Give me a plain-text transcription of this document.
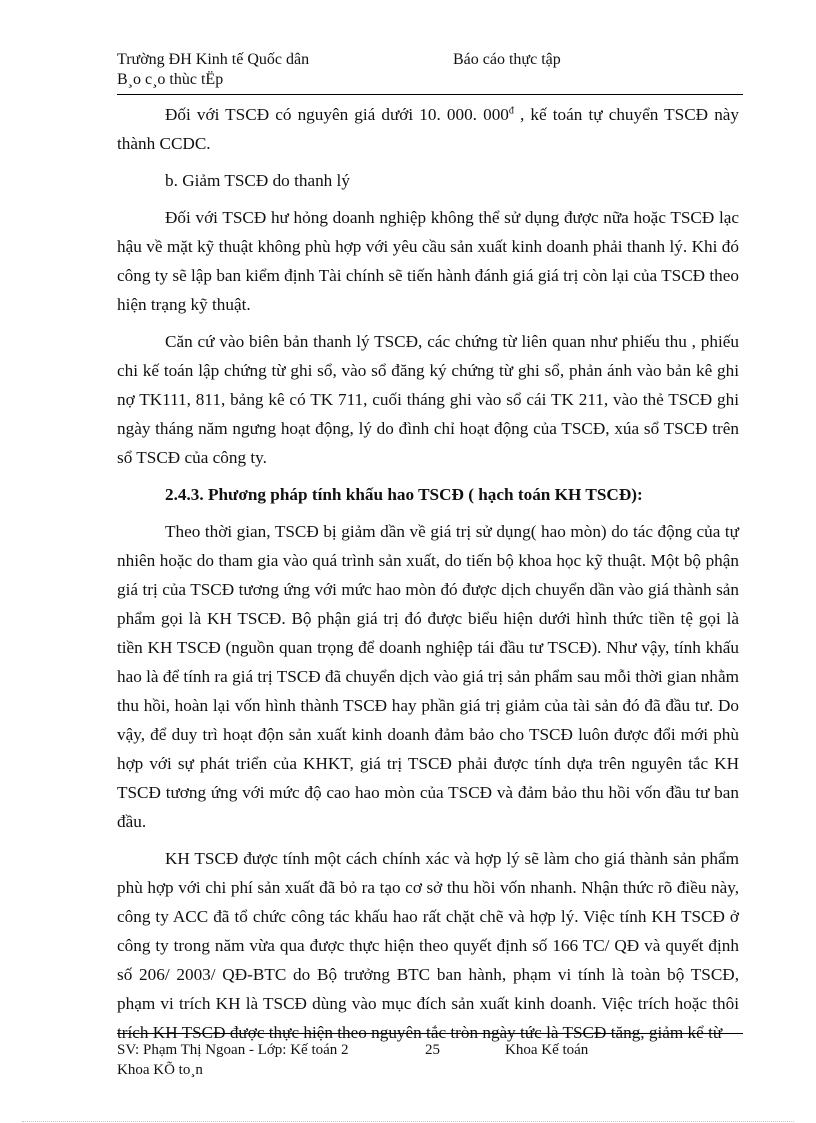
Trường ĐH Kinh tế Quốc dân	Báo cáo thực tập
B¸o c¸o thùc tËp

Đối với TSCĐ có nguyên giá dưới 10. 000. $000^đ$ , kế toán tự chuyển TSCĐ này thành CCDC.

b. Giảm TSCĐ do thanh lý

Đối với TSCĐ hư hỏng doanh nghiệp không thể sử dụng được nữa hoặc TSCĐ lạc hậu về mặt kỹ thuật không phù hợp với yêu cầu sản xuất kinh doanh phải thanh lý. Khi đó công ty sẽ lập ban kiểm định Tài chính sẽ tiến hành đánh giá giá trị còn lại của TSCĐ theo hiện trạng kỹ thuật.

Căn cứ vào biên bản thanh lý TSCĐ, các chứng từ liên quan như phiếu thu , phiếu chi kế toán lập chứng từ ghi sổ, vào sổ đăng ký chứng từ ghi sổ, phản ánh vào bản kê ghi nợ TK111, 811, bảng kê có TK 711, cuối tháng ghi vào sổ cái TK 211, vào thẻ TSCĐ ghi ngày tháng năm ngưng hoạt động, lý do đình chỉ hoạt động của TSCĐ, xúa sổ TSCĐ trên sổ TSCĐ của công ty.

2.4.3. Phương pháp tính khấu hao TSCĐ ( hạch toán KH TSCĐ):

Theo thời gian, TSCĐ bị giảm dần về giá trị sử dụng( hao mòn) do tác động của tự nhiên hoặc do tham gia vào quá trình sản xuất, do tiến bộ khoa học kỹ thuật. Một bộ phận giá trị của TSCĐ tương ứng với mức hao mòn đó được dịch chuyển dần vào giá thành sản phẩm gọi là KH TSCĐ. Bộ phận giá trị đó được biểu hiện dưới hình thức tiền tệ gọi là tiền KH TSCĐ (nguồn quan trọng để doanh nghiệp tái đầu tư TSCĐ). Như vậy, tính khấu hao là để tính ra giá trị TSCĐ đã chuyển dịch vào giá trị sản phẩm sau mỗi thời gian nhằm thu hồi, hoàn lại vốn hình thành TSCĐ hay phần giá trị giảm của tài sản đó đã đầu tư. Do vậy, để duy trì hoạt độn sản xuất kinh doanh đảm bảo cho TSCĐ luôn được đổi mới phù hợp với sự phát triển của KHKT, giá trị TSCĐ phải được tính dựa trên nguyên tắc KH TSCĐ tương ứng với mức độ cao hao mòn của TSCĐ và đảm bảo thu hồi vốn đầu tư ban đầu.

KH TSCĐ được tính một cách chính xác và hợp lý sẽ làm cho giá thành sản phẩm phù hợp với chi phí sản xuất đã bỏ ra tạo cơ sở thu hồi vốn nhanh. Nhận thức rõ điều này, công ty ACC đã tổ chức công tác khấu hao rất chặt chẽ và hợp lý. Việc tính KH TSCĐ ở công ty trong năm vừa qua được thực hiện theo quyết định số 166 TC/ QĐ và quyết định số 206/ 2003/ QĐ-BTC do Bộ trưởng BTC ban hành, phạm vi tính là toàn bộ TSCĐ, phạm vi trích KH là TSCĐ dùng vào mục đích sản xuất kinh doanh. Việc trích hoặc thôi trích KH TSCĐ được thực hiện theo nguyên tắc tròn ngày tức là TSCĐ tăng, giảm kể từ

SV: Phạm Thị Ngoan - Lớp: Kế toán 2	25	Khoa Kế toán
Khoa KÕ to¸n
